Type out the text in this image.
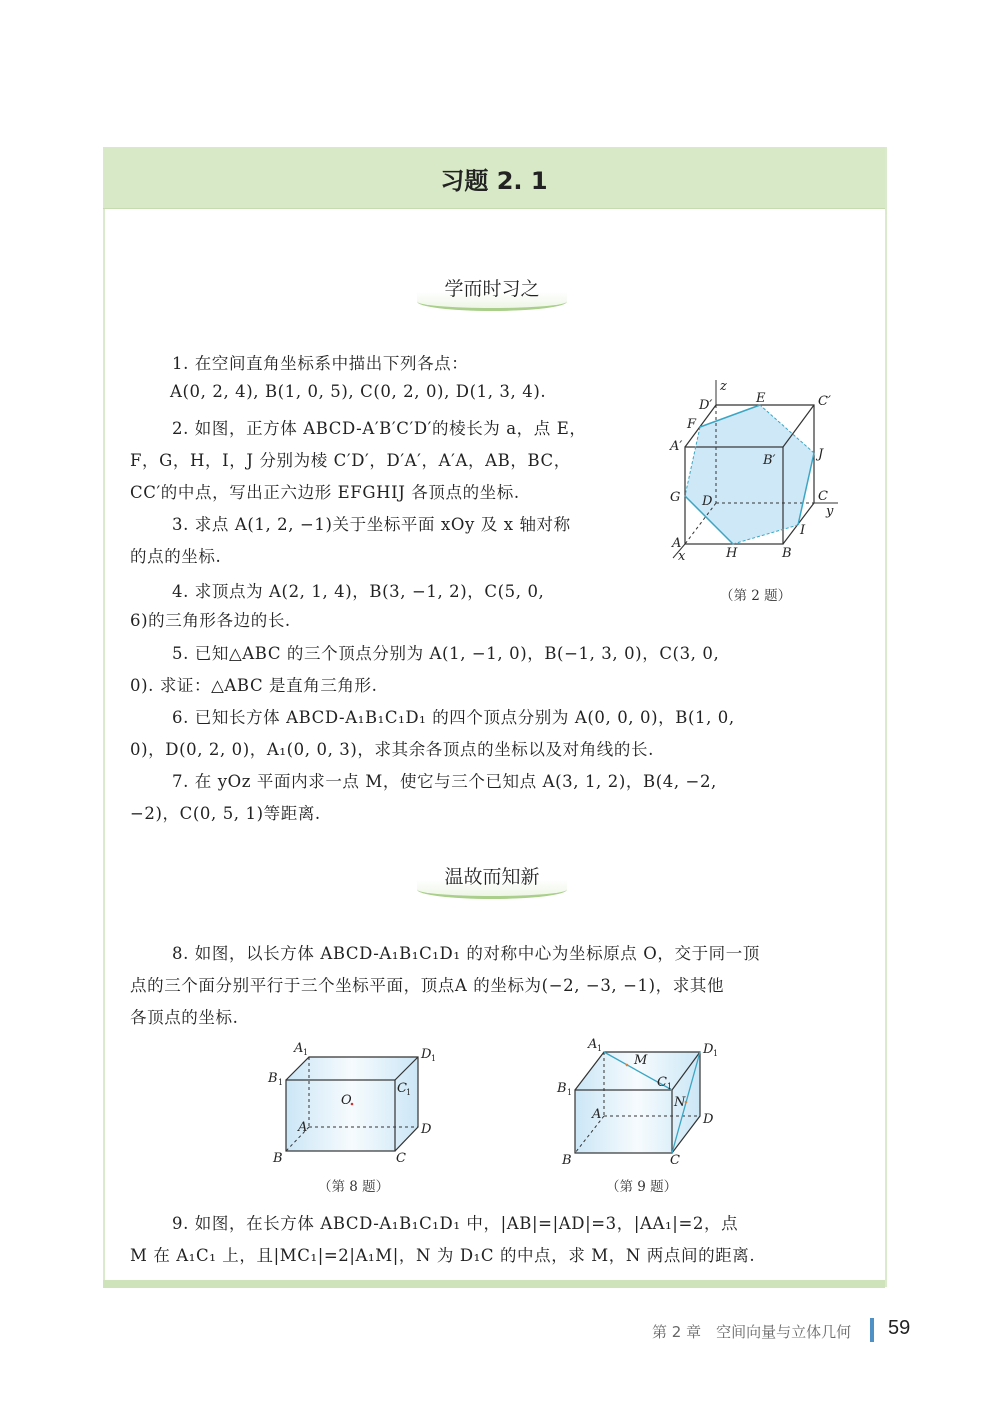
习题 2. 1
学而时习之
1. 在空间直角坐标系中描出下列各点：
A(0, 2, 4), B(1, 0, 5), C(0, 2, 0), D(1, 3, 4).
2. 如图，正方体 ABCD-A′B′C′D′的棱长为 a，点 E，
F，G，H，I，J 分别为棱 C′D′，D′A′，A′A，AB，BC，
CC′的中点，写出正六边形 EFGHIJ 各顶点的坐标.
3. 求点 A(1, 2, −1)关于坐标平面 xOy 及 x 轴对称
的点的坐标.
4. 求顶点为 A(2, 1, 4)，B(3, −1, 2)，C(5, 0,
6)的三角形各边的长.
5. 已知△ABC 的三个顶点分别为 A(1, −1, 0)，B(−1, 3, 0)，C(3, 0,
0). 求证：△ABC 是直角三角形.
6. 已知长方体 ABCD-A₁B₁C₁D₁ 的四个顶点分别为 A(0, 0, 0)，B(1, 0,
0)，D(0, 2, 0)，A₁(0, 0, 3)，求其余各顶点的坐标以及对角线的长.
7. 在 yOz 平面内求一点 M，使它与三个已知点 A(3, 1, 2)，B(4, −2,
−2)，C(0, 5, 1)等距离.
z
y
x
D′	E	C′
F
A′
B′	J
G D	C
I
A
H	B
（第 2 题）
温故而知新
8. 如图，以长方体 ABCD-A₁B₁C₁D₁ 的对称中心为坐标原点 O，交于同一顶
点的三个面分别平行于三个坐标平面，顶点A 的坐标为(−2, −3, −1)，求其他
各顶点的坐标.
A 1
B 1	C 1
D 1
A	D
B	C
O
（第 8 题）
A 1
B 1
C 1
D 1
A	D
B	C
M
N
（第 9 题）
9. 如图，在长方体 ABCD-A₁B₁C₁D₁ 中，|AB|=|AD|=3，|AA₁|=2，点
M 在 A₁C₁ 上，且|MC₁|=2|A₁M|，N 为 D₁C 的中点，求 M，N 两点间的距离.
第 2 章　空间向量与立体几何 59
